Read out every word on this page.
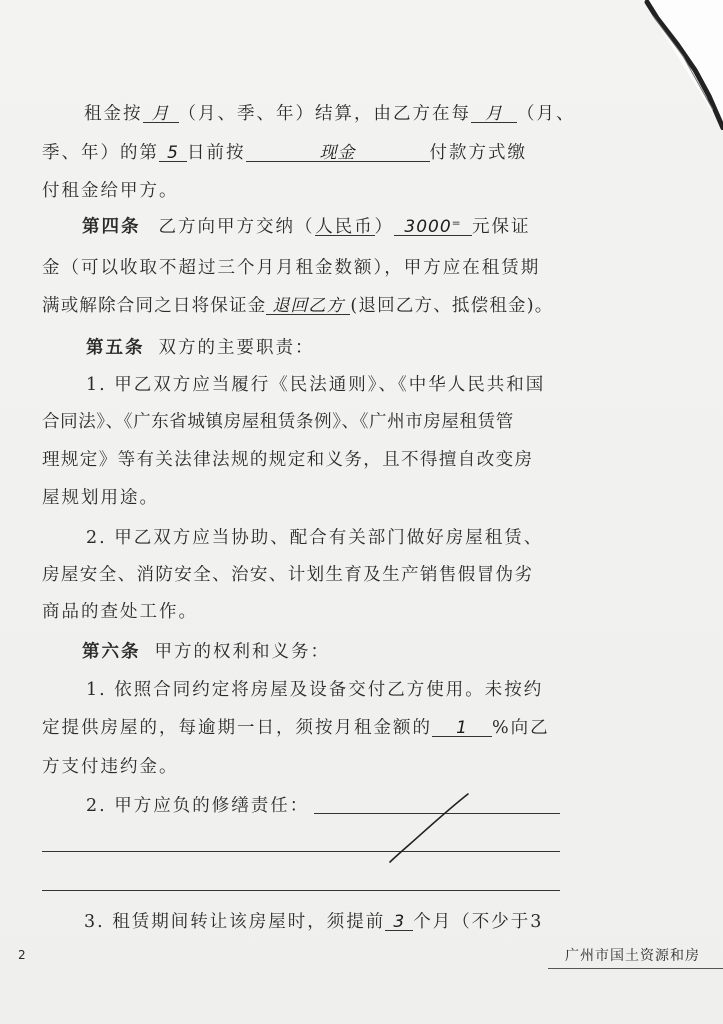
租金按 月 （月、季、年）结算，由乙方在每 月 （月、
季、年）的第 5 日前按	现金	付款方式缴
付租金给甲方。
第四条 乙方向甲方交纳（人民币） 3000⁼ 元保证
金（可以收取不超过三个月月租金数额），甲方应在租赁期
满或解除合同之日将保证金 退回乙方 (退回乙方、抵偿租金)。
第五条 双方的主要职责：
1. 甲乙双方应当履行《民法通则》、《中华人民共和国
合同法》、《广东省城镇房屋租赁条例》、《广州市房屋租赁管
理规定》等有关法律法规的规定和义务，且不得擅自改变房
屋规划用途。
2. 甲乙双方应当协助、配合有关部门做好房屋租赁、
房屋安全、消防安全、治安、计划生育及生产销售假冒伪劣
商品的查处工作。
第六条 甲方的权利和义务：
1. 依照合同约定将房屋及设备交付乙方使用。未按约
定提供房屋的，每逾期一日，须按月租金额的 1 %向乙
方支付违约金。
2. 甲方应负的修缮责任：
3. 租赁期间转让该房屋时，须提前 3 个月（不少于3
2	广州市国土资源和房
